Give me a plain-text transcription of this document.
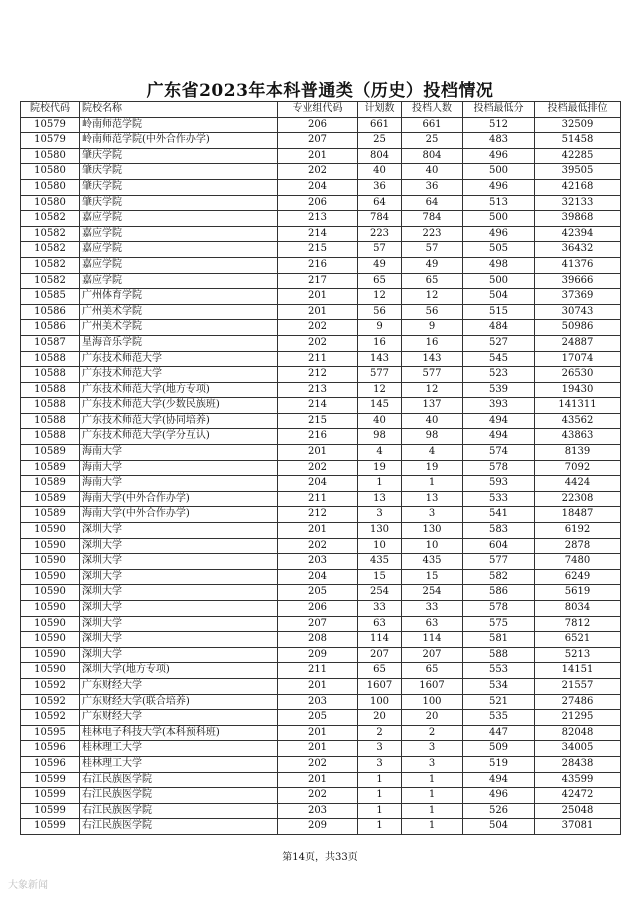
广东省2023年本科普通类（历史）投档情况
院校代码	院校名称	专业组代码	计划数	投档人数	投档最低分	投档最低排位
10579	岭南师范学院	206	661	661	512	32509
10579	岭南师范学院(中外合作办学)	207	25	25	483	51458
10580	肇庆学院	201	804	804	496	42285
10580	肇庆学院	202	40	40	500	39505
10580	肇庆学院	204	36	36	496	42168
10580	肇庆学院	206	64	64	513	32133
10582	嘉应学院	213	784	784	500	39868
10582	嘉应学院	214	223	223	496	42394
10582	嘉应学院	215	57	57	505	36432
10582	嘉应学院	216	49	49	498	41376
10582	嘉应学院	217	65	65	500	39666
10585	广州体育学院	201	12	12	504	37369
10586	广州美术学院	201	56	56	515	30743
10586	广州美术学院	202	9	9	484	50986
10587	星海音乐学院	202	16	16	527	24887
10588	广东技术师范大学	211	143	143	545	17074
10588	广东技术师范大学	212	577	577	523	26530
10588	广东技术师范大学(地方专项)	213	12	12	539	19430
10588	广东技术师范大学(少数民族班)	214	145	137	393	141311
10588	广东技术师范大学(协同培养)	215	40	40	494	43562
10588	广东技术师范大学(学分互认)	216	98	98	494	43863
10589	海南大学	201	4	4	574	8139
10589	海南大学	202	19	19	578	7092
10589	海南大学	204	1	1	593	4424
10589	海南大学(中外合作办学)	211	13	13	533	22308
10589	海南大学(中外合作办学)	212	3	3	541	18487
10590	深圳大学	201	130	130	583	6192
10590	深圳大学	202	10	10	604	2878
10590	深圳大学	203	435	435	577	7480
10590	深圳大学	204	15	15	582	6249
10590	深圳大学	205	254	254	586	5619
10590	深圳大学	206	33	33	578	8034
10590	深圳大学	207	63	63	575	7812
10590	深圳大学	208	114	114	581	6521
10590	深圳大学	209	207	207	588	5213
10590	深圳大学(地方专项)	211	65	65	553	14151
10592	广东财经大学	201	1607	1607	534	21557
10592	广东财经大学(联合培养)	203	100	100	521	27486
10592	广东财经大学	205	20	20	535	21295
10595	桂林电子科技大学(本科预科班)	201	2	2	447	82048
10596	桂林理工大学	201	3	3	509	34005
10596	桂林理工大学	202	3	3	519	28438
10599	右江民族医学院	201	1	1	494	43599
10599	右江民族医学院	202	1	1	496	42472
10599	右江民族医学院	203	1	1	526	25048
10599	右江民族医学院	209	1	1	504	37081
第14页，共33页
大象新闻
